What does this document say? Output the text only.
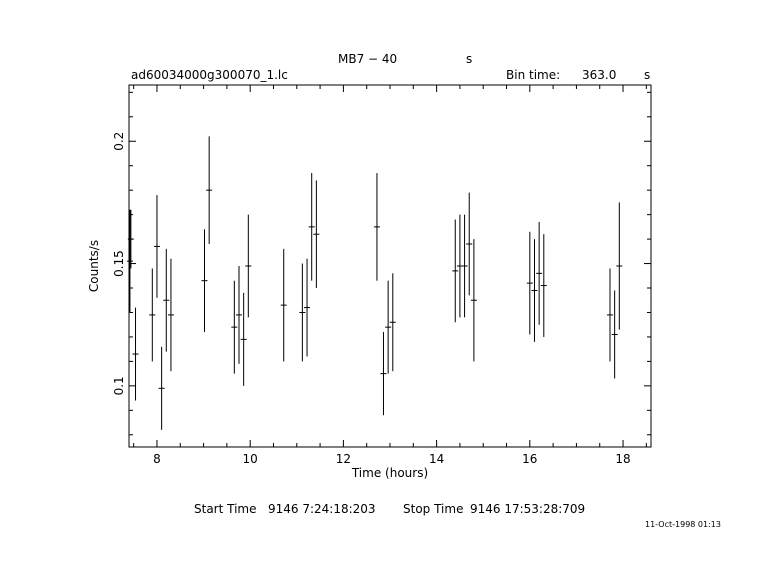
MB7 − 40	s
ad60034000g300070_1.lc	Bin time: 363.0 s
8	10	12	14	16	18
0.1
0.15
0.2
Time (hours)
Counts/s
Start Time 9146 7:24:18:203 Stop Time 9146 17:53:28:709
11-Oct-1998 01:13
